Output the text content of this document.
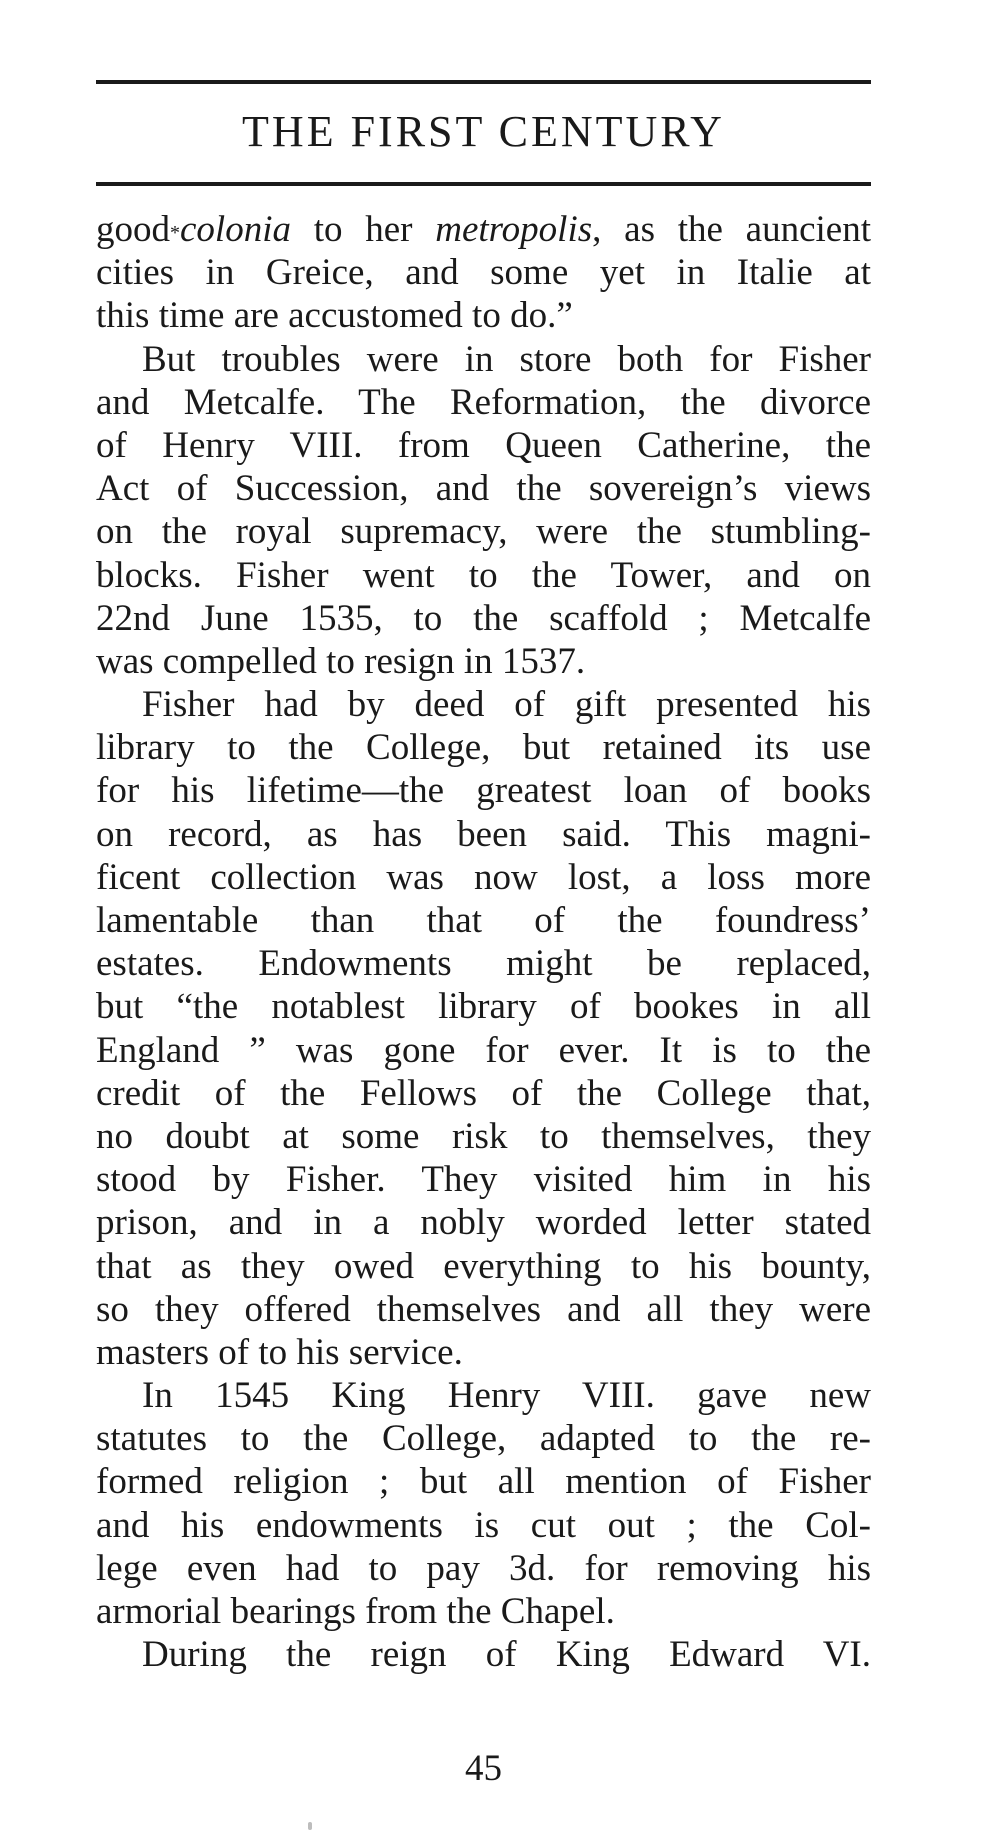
THE FIRST CENTURY
good*colonia to her metropolis, as the auncient
cities in Greice, and some yet in Italie at
this time are accustomed to do.”
But troubles were in store both for Fisher
and Metcalfe. The Reformation, the divorce
of Henry VIII. from Queen Catherine, the
Act of Succession, and the sovereign’s views
on the royal supremacy, were the stumbling-
blocks. Fisher went to the Tower, and on
22nd June 1535, to the scaffold ; Metcalfe
was compelled to resign in 1537.
Fisher had by deed of gift presented his
library to the College, but retained its use
for his lifetime—the greatest loan of books
on record, as has been said. This magni-
ficent collection was now lost, a loss more
lamentable than that of the foundress’
estates. Endowments might be replaced,
but “the notablest library of bookes in all
England ” was gone for ever. It is to the
credit of the Fellows of the College that,
no doubt at some risk to themselves, they
stood by Fisher. They visited him in his
prison, and in a nobly worded letter stated
that as they owed everything to his bounty,
so they offered themselves and all they were
masters of to his service.
In 1545 King Henry VIII. gave new
statutes to the College, adapted to the re-
formed religion ; but all mention of Fisher
and his endowments is cut out ; the Col-
lege even had to pay 3d. for removing his
armorial bearings from the Chapel.
During the reign of King Edward VI.
45
